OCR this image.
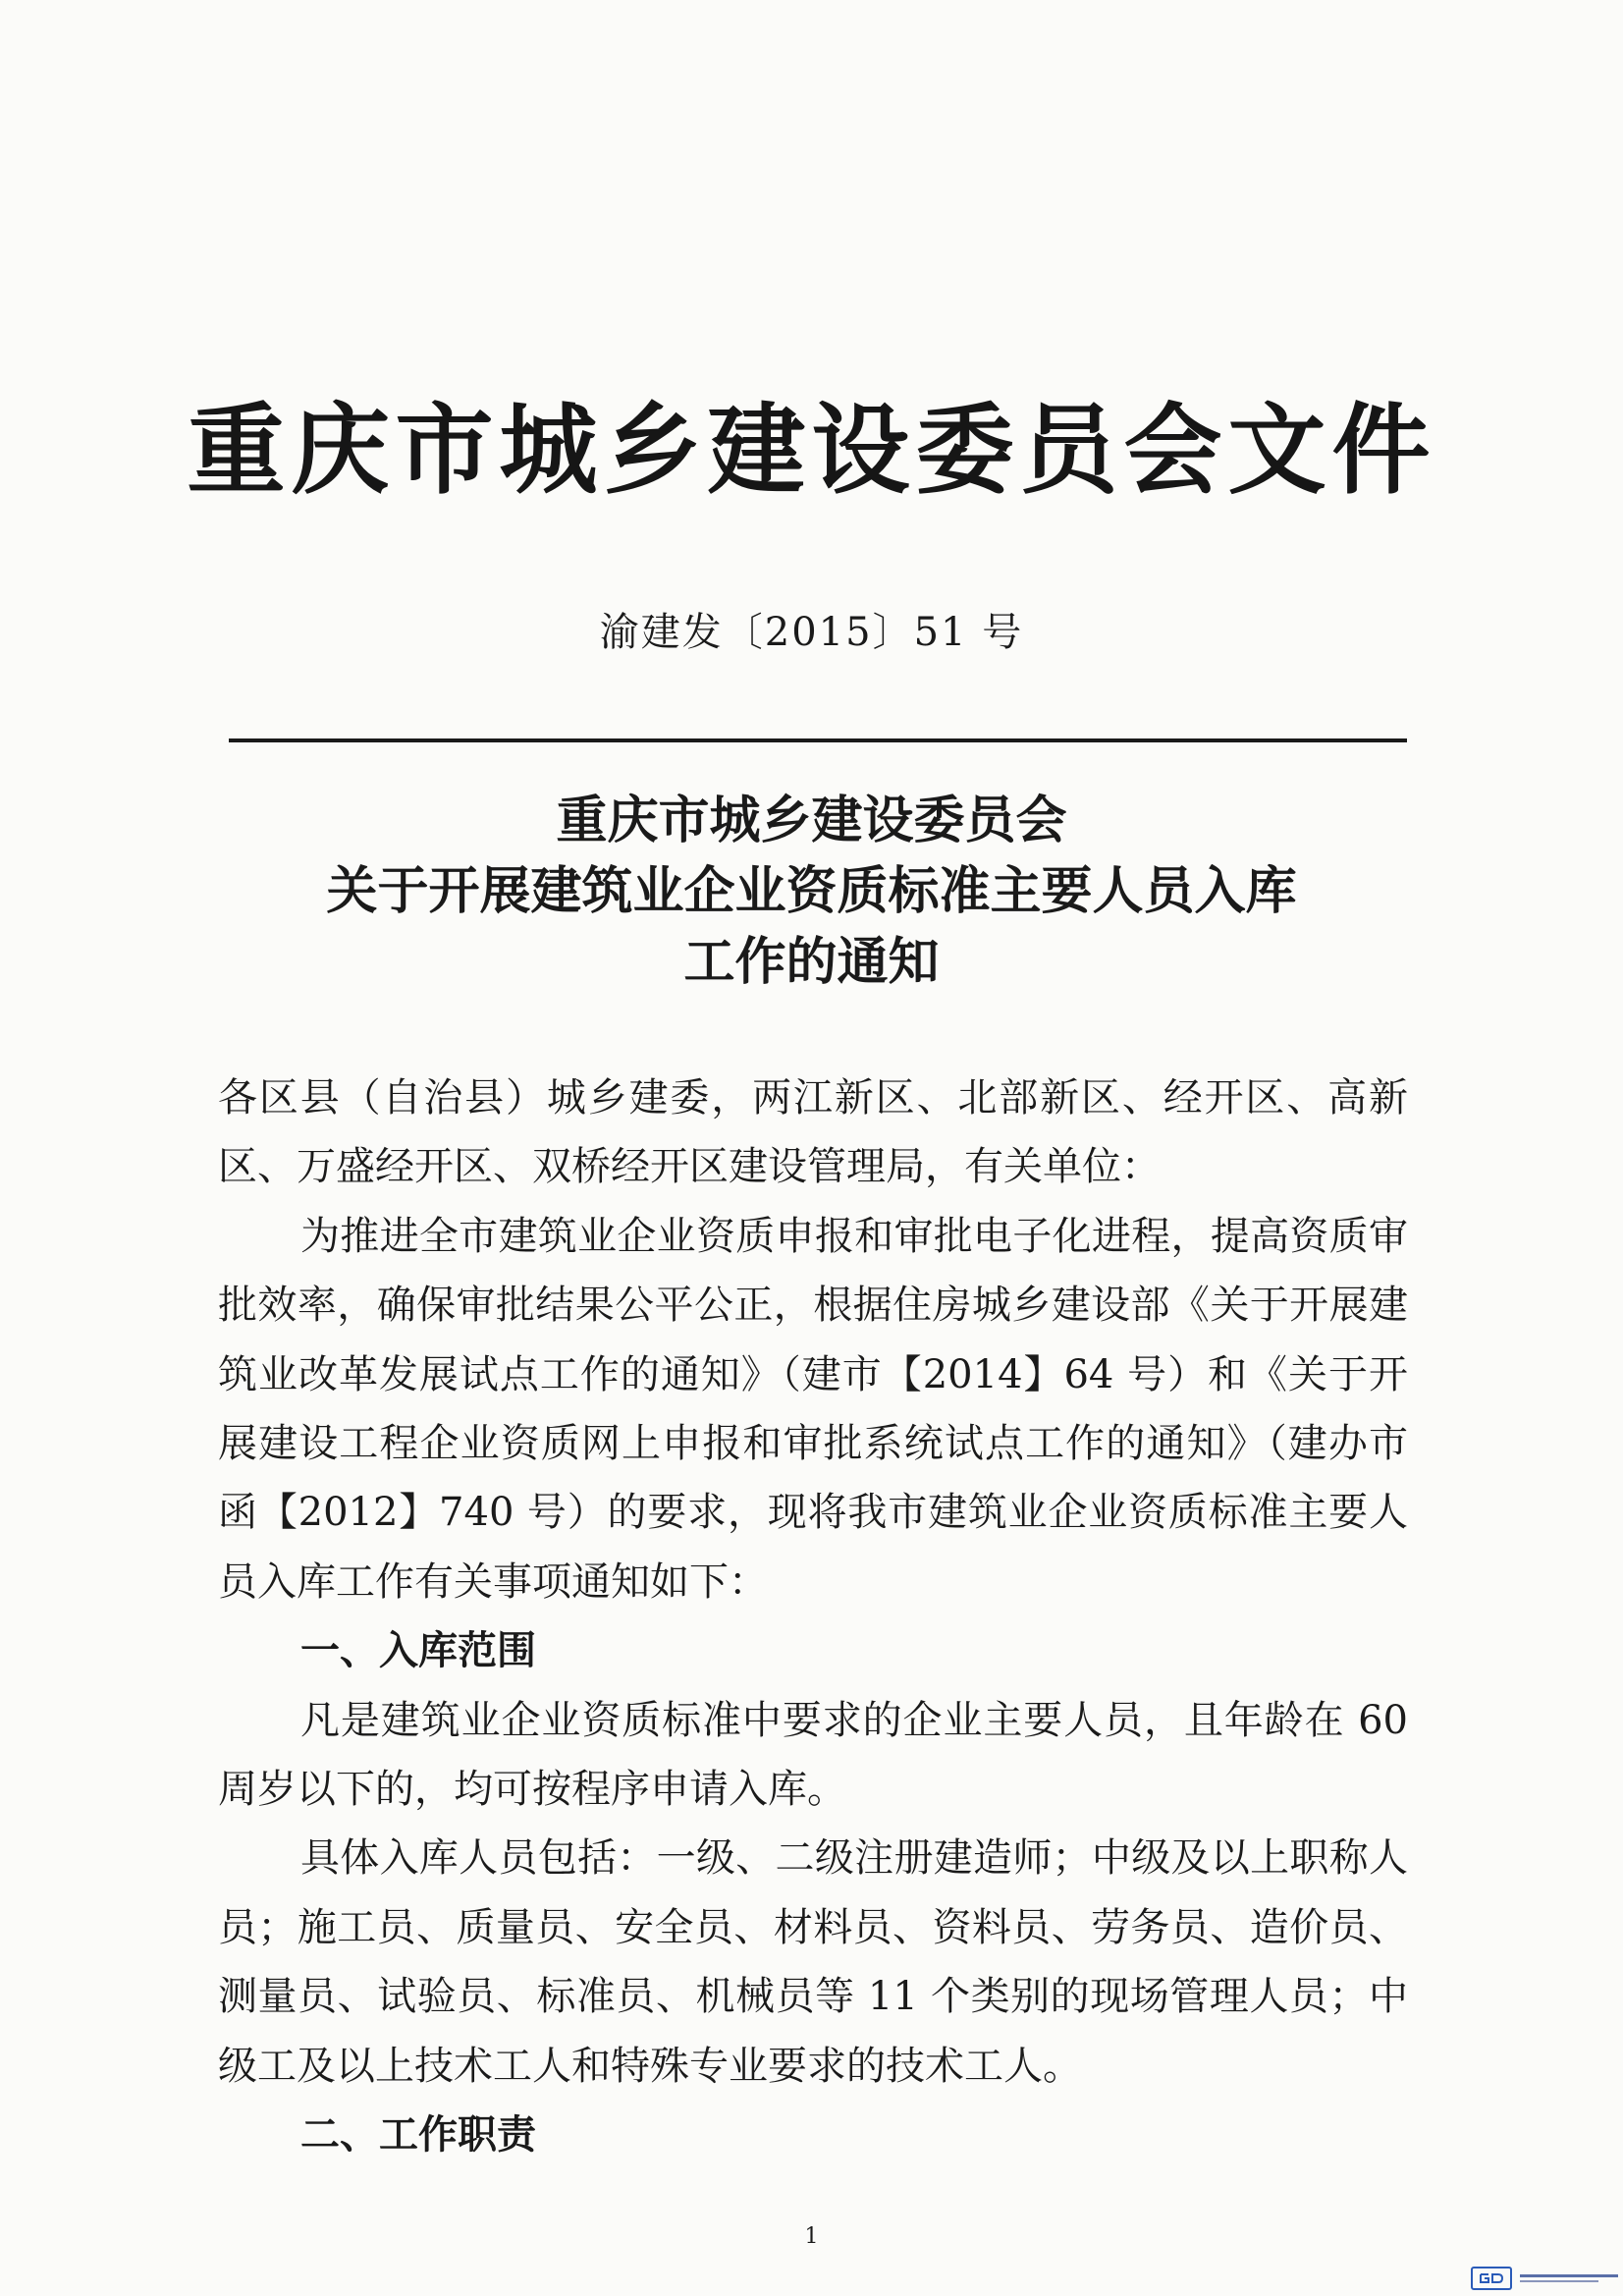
重庆市城乡建设委员会文件
渝建发〔2015〕51 号
重庆市城乡建设委员会
关于开展建筑业企业资质标准主要人员入库
工作的通知

各区县（自治县）城乡建委，两江新区、北部新区、经开区、高新区、万盛经开区、双桥经开区建设管理局，有关单位：

为推进全市建筑业企业资质申报和审批电子化进程，提高资质审批效率，确保审批结果公平公正，根据住房城乡建设部《关于开展建筑业改革发展试点工作的通知》（建市【2014】64 号）和《关于开展建设工程企业资质网上申报和审批系统试点工作的通知》（建办市函【2012】740 号）的要求，现将我市建筑业企业资质标准主要人员入库工作有关事项通知如下：

一、入库范围

凡是建筑业企业资质标准中要求的企业主要人员，且年龄在 60 周岁以下的，均可按程序申请入库。

具体入库人员包括：一级、二级注册建造师；中级及以上职称人员；施工员、质量员、安全员、材料员、资料员、劳务员、造价员、测量员、试验员、标准员、机械员等 11 个类别的现场管理人员；中级工及以上技术工人和特殊专业要求的技术工人。

二、工作职责

1
